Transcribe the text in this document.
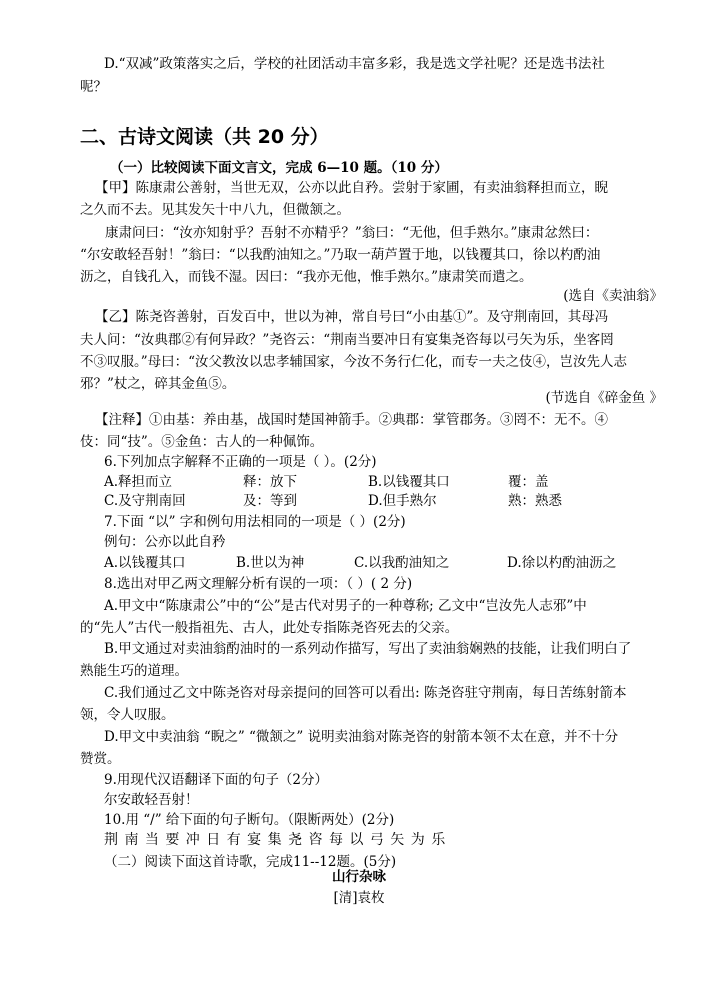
D.“双减”政策落实之后，学校的社团活动丰富多彩，我是选文学社呢？还是选书法社
呢？
二、古诗文阅读（共 20 分）
（一）比较阅读下面文言文，完成 6—10 题。（10 分）
【甲】陈康肃公善射，当世无双，公亦以此自矜。尝射于家圃，有卖油翁释担而立，睨
之久而不去。见其发矢十中八九，但微颔之。
康肃问曰：“汝亦知射乎？吾射不亦精乎？”翁曰：“无他，但手熟尔。”康肃忿然曰：
“尔安敢轻吾射！”翁曰：“以我酌油知之。”乃取一葫芦置于地，以钱覆其口，徐以杓酌油
沥之，自钱孔入，而钱不湿。因曰：“我亦无他，惟手熟尔。”康肃笑而遣之。
(选自《卖油翁》
【乙】陈尧咨善射，百发百中，世以为神，常自号曰“小由基①”。及守荆南回，其母冯
夫人问：“汝典郡②有何异政？”尧咨云：“荆南当要冲日有宴集尧咨每以弓矢为乐，坐客罔
不③叹服。”母曰：“汝父教汝以忠孝辅国家，今汝不务行仁化，而专一夫之伎④，岂汝先人志
邪？”杖之，碎其金鱼⑤。
(节选自《碎金鱼 》
【注释】①由基：养由基，战国时楚国神箭手。②典郡：掌管郡务。③罔不：无不。④
伎：同“技”。⑤金鱼：古人的一种佩饰。
6.下列加点字解释不正确的一项是（ ）。(2分)
A.释担而立	释：放下	B.以钱覆其口	覆：盖
C.及守荆南回	及：等到	D.但手熟尔	熟：熟悉
7.下面 “以” 字和例句用法相同的一项是（ ）(2分)
例句：公亦以此自矜
A.以钱覆其口	B.世以为神	C.以我酌油知之	D.徐以杓酌油沥之
8.选出对甲乙两文理解分析有误的一项：（ ）( 2 分)
A.甲文中“陈康肃公”中的“公”是古代对男子的一种尊称; 乙文中“岂汝先人志邪”中
的“先人”古代一般指祖先、古人，此处专指陈尧咨死去的父亲。
B.甲文通过对卖油翁酌油时的一系列动作描写，写出了卖油翁娴熟的技能，让我们明白了
熟能生巧的道理。
C.我们通过乙文中陈尧咨对母亲提问的回答可以看出: 陈尧咨驻守荆南，每日苦练射箭本
领，令人叹服。
D.甲文中卖油翁 “睨之” “微颔之” 说明卖油翁对陈尧咨的射箭本领不太在意，并不十分
赞赏。
9.用现代汉语翻译下面的句子（2分）
尔安敢轻吾射！
10.用 “/” 给下面的句子断句。（限断两处）(2分)
荆 南 当 要 冲 日 有 宴 集 尧 咨 每 以 弓 矢 为 乐
（二）阅读下面这首诗歌，完成11--12题。(5分)
山行杂咏
[清]袁枚
